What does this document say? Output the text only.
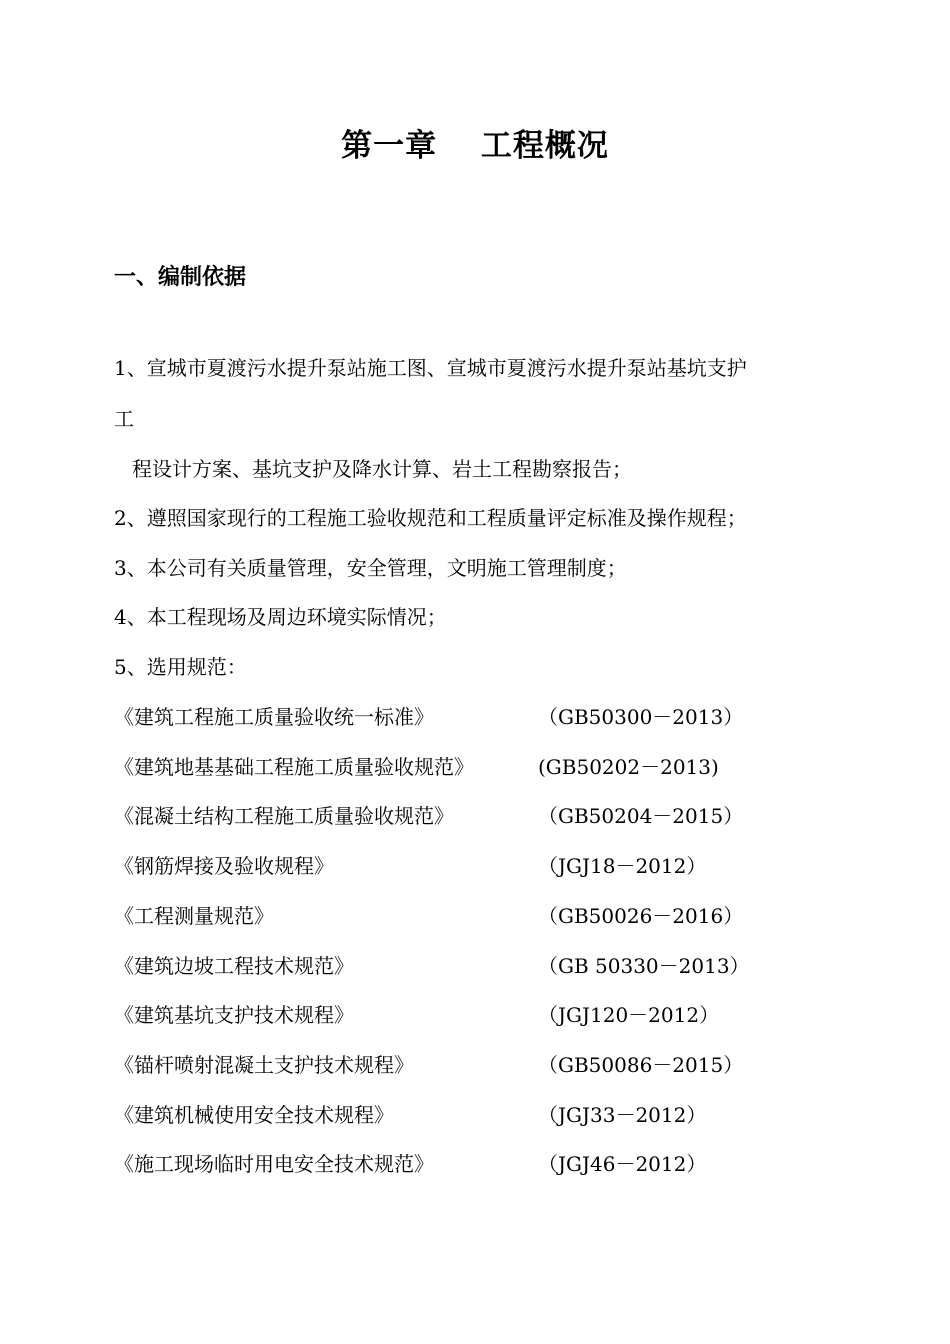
第一章　 工程概况
一、编制依据
1、宣城市夏渡污水提升泵站施工图、宣城市夏渡污水提升泵站基坑支护
工
程设计方案、基坑支护及降水计算、岩土工程勘察报告；
2、遵照国家现行的工程施工验收规范和工程质量评定标准及操作规程；
3、本公司有关质量管理，安全管理，文明施工管理制度；
4、本工程现场及周边环境实际情况；
5、选用规范：
《建筑工程施工质量验收统一标准》	（GB50300－2013）
《建筑地基基础工程施工质量验收规范》	(GB50202－2013)
《混凝土结构工程施工质量验收规范》	（GB50204－2015）
《钢筋焊接及验收规程》	（JGJ18－2012）
《工程测量规范》	（GB50026－2016）
《建筑边坡工程技术规范》	（GB 50330－2013）
《建筑基坑支护技术规程》	（JGJ120－2012）
《锚杆喷射混凝土支护技术规程》	（GB50086－2015）
《建筑机械使用安全技术规程》	（JGJ33－2012）
《施工现场临时用电安全技术规范》	（JGJ46－2012）
